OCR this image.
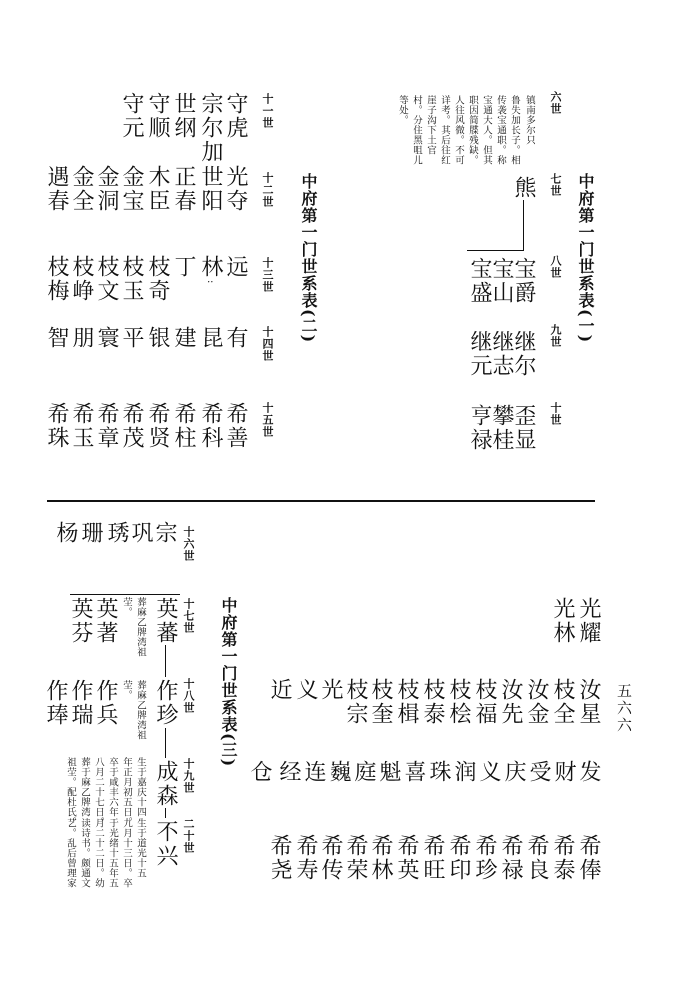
中府第一门世系表(一)
六世
七世
八世
九世
十世
镇南多尔只
鲁失加长子。相
传袭宝通职。称
宝通大人。但其
职因简牒残缺。
人往风微。不可
详考。其后往红
崖子沟下土官
村。分住黑咀儿
等处。
熊
宝爵
宝山
宝盛
继尔
继志
继元
歪显
攀桂
亨禄
中府第一门世系表(二)
十一世
十二世
十三世
十四世
十五世
守虎
宗尔加
世纲
守顺
守元
光夺
世阳
正春
木臣
金宝
金洞
金全
遇春
远
林
:
丁
枝奇
枝玉
枝文
枝峥
枝梅
有
昆
建
银
平
寰
朋
智
希善
希科
希柱
希贤
希茂
希章
希玉
希珠
中府第一门世系表(三)
十六世
十七世
十八世
十九世
二十世
宗
巩
琇
珊
杨
英蕃
英著
英芬	葬麻乙牌湾祖
茔。
作珍
作兵
作瑞
作琫	葬麻乙牌湾祖
茔。
成森
生于嘉庆十四
年正月初五日。
卒于咸丰六年
八月二十七日。
葬于麻乙牌湾
祖茔。配杜氏。
不兴
生于道光十五
九月十三日。卒
于光绪十五年五
月二十二日。幼
读诗书。颇通文
艺。乱后曾理家
五六六
光耀
光林
汝星
枝全
汝金
汝先
枝福
枝桧
枝泰
枝楫
枝奎
枝宗
光
义
近
发
财
受
庆
义
润
珠
喜
魁
庭
巍
连
经
仓
希俸
希泰
希良
希禄
希珍
希印
希旺
希英
希林
希荣
希传
希寿
希尧
